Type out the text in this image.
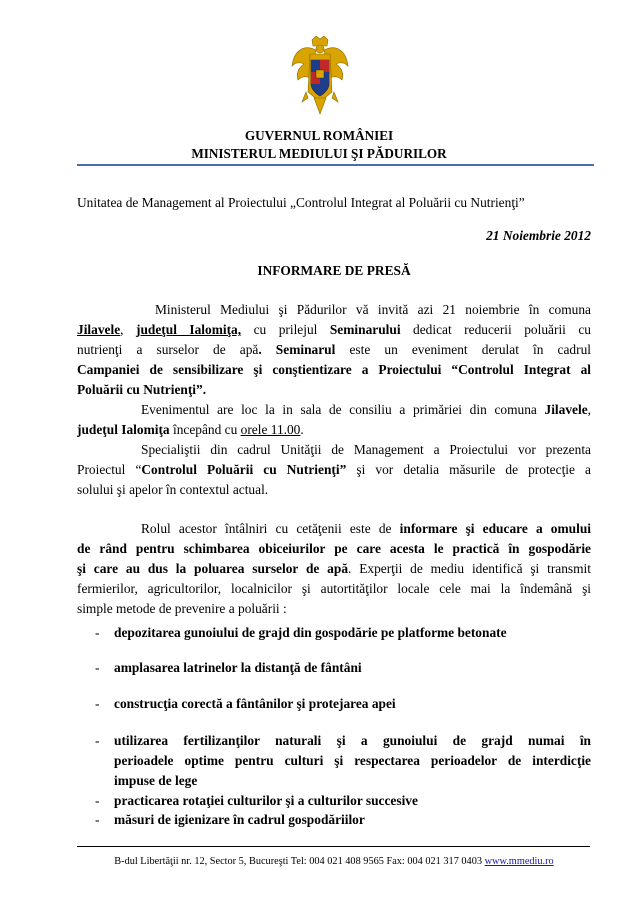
GUVERNUL ROMÂNIEI
MINISTERUL MEDIULUI ŞI PĂDURILOR
Unitatea de Management al Proiectului „Controlul Integrat al Poluării cu Nutrienţi”
21 Noiembrie 2012
INFORMARE DE PRESĂ
Ministerul Mediului şi Pădurilor vă invită azi 21 noiembrie în comuna
Jilavele, judeţul Ialomiţa, cu prilejul Seminarului dedicat reducerii poluării cu
nutrienţi a surselor de apă. Seminarul este un eveniment derulat în cadrul
Campaniei de sensibilizare şi conştientizare a Proiectului “Controlul Integrat al
Poluării cu Nutrienţi”.
Evenimentul are loc la in sala de consiliu a primăriei din comuna Jilavele,
judeţul Ialomiţa începând cu orele 11.00.
Specialiştii din cadrul Unităţii de Management a Proiectului vor prezenta
Proiectul “Controlul Poluării cu Nutrienţi” şi vor detalia măsurile de protecţie a
solului şi apelor în contextul actual.
Rolul acestor întâlniri cu cetăţenii este de informare şi educare a omului
de rând pentru schimbarea obiceiurilor pe care acesta le practică în gospodărie
şi care au dus la poluarea surselor de apă. Experţii de mediu identifică şi transmit
fermierilor, agricultorilor, localnicilor şi autortităţilor locale cele mai la îndemână şi
simple metode de prevenire a poluării :
-	depozitarea gunoiului de grajd din gospodărie pe platforme betonate
-	amplasarea latrinelor la distanţă de fântâni
-	construcţia corectă a fântânilor şi protejarea apei
-	utilizarea fertilizanţilor naturali şi a gunoiului de grajd numai în
perioadele optime pentru culturi şi respectarea perioadelor de interdicţie
impuse de lege
-	practicarea rotaţiei culturilor şi a culturilor succesive
-	măsuri de igienizare în cadrul gospodăriilor
B-dul Libertăţii nr. 12, Sector 5, Bucureşti Tel: 004 021 408 9565 Fax: 004 021 317 0403 www.mmediu.ro
